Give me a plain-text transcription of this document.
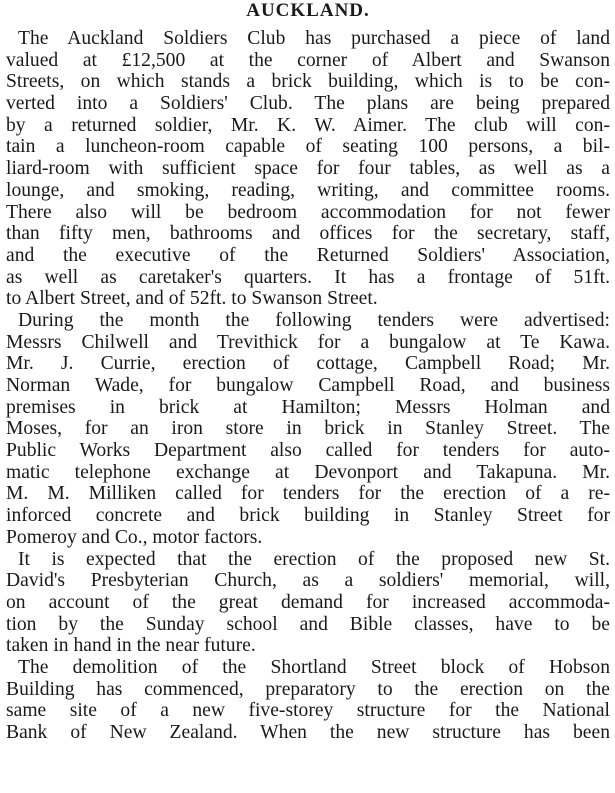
AUCKLAND.
The Auckland Soldiers Club has purchased a piece of land
valued at £12,500 at the corner of Albert and Swanson
Streets, on which stands a brick building, which is to be con-
verted into a Soldiers' Club. The plans are being prepared
by a returned soldier, Mr. K. W. Aimer. The club will con-
tain a luncheon-room capable of seating 100 persons, a bil-
liard-room with sufficient space for four tables, as well as a
lounge, and smoking, reading, writing, and committee rooms.
There also will be bedroom accommodation for not fewer
than fifty men, bathrooms and offices for the secretary, staff,
and the executive of the Returned Soldiers' Association,
as well as caretaker's quarters. It has a frontage of 51ft.
to Albert Street, and of 52ft. to Swanson Street.
During the month the following tenders were advertised:
Messrs Chilwell and Trevithick for a bungalow at Te Kawa.
Mr. J. Currie, erection of cottage, Campbell Road; Mr.
Norman Wade, for bungalow Campbell Road, and business
premises in brick at Hamilton; Messrs Holman and
Moses, for an iron store in brick in Stanley Street. The
Public Works Department also called for tenders for auto-
matic telephone exchange at Devonport and Takapuna. Mr.
M. M. Milliken called for tenders for the erection of a re-
inforced concrete and brick building in Stanley Street for
Pomeroy and Co., motor factors.
It is expected that the erection of the proposed new St.
David's Presbyterian Church, as a soldiers' memorial, will,
on account of the great demand for increased accommoda-
tion by the Sunday school and Bible classes, have to be
taken in hand in the near future.
The demolition of the Shortland Street block of Hobson
Building has commenced, preparatory to the erection on the
same site of a new five-storey structure for the National
Bank of New Zealand. When the new structure has been
